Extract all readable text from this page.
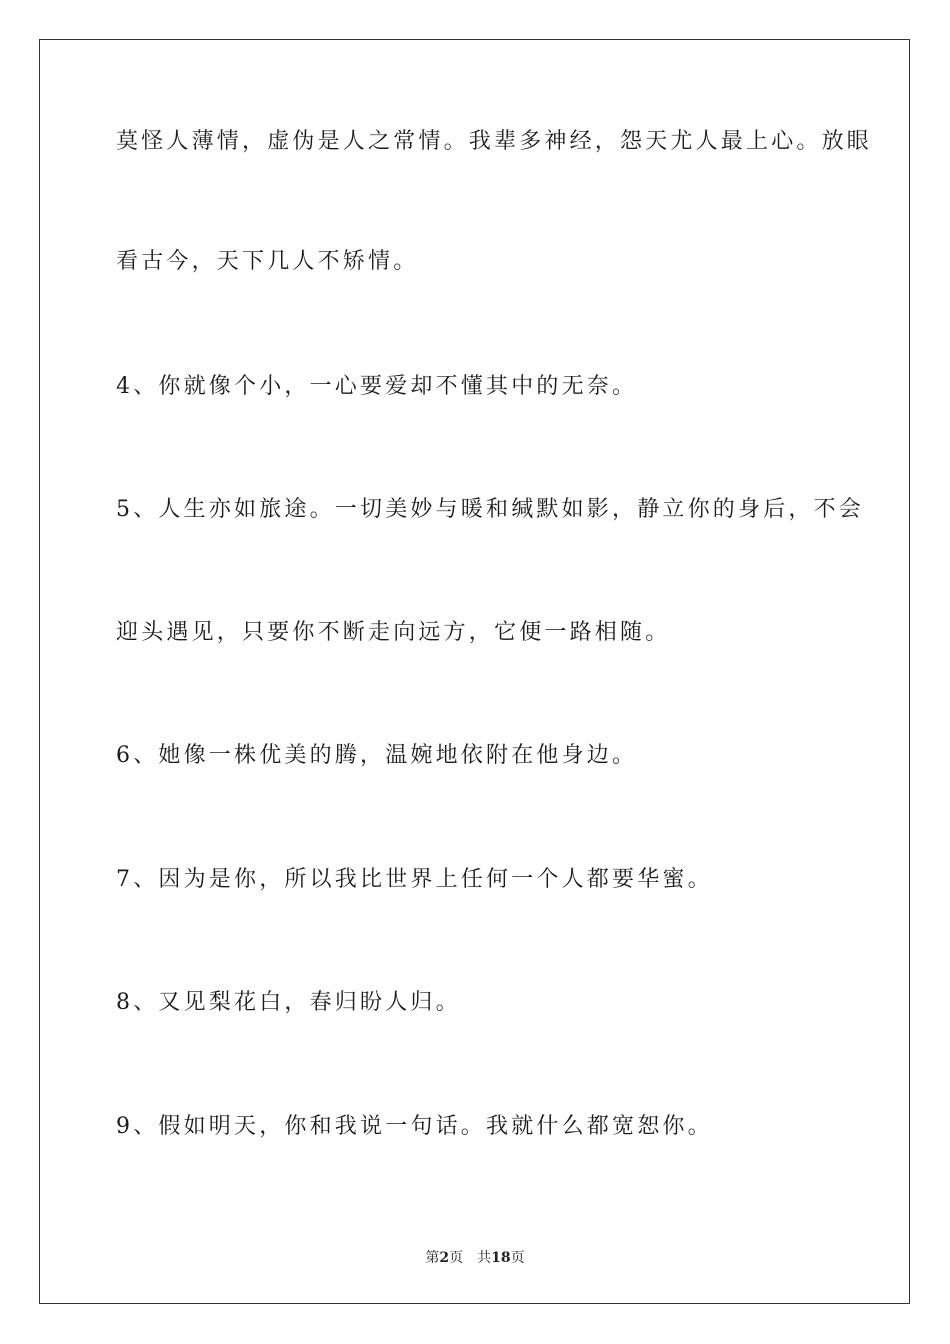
莫怪人薄情，虚伪是人之常情。我辈多神经，怨天尤人最上心。放眼

看古今，天下几人不矫情。

4、你就像个小，一心要爱却不懂其中的无奈。

5、人生亦如旅途。一切美妙与暖和缄默如影，静立你的身后，不会

迎头遇见，只要你不断走向远方，它便一路相随。

6、她像一株优美的腾，温婉地依附在他身边。

7、因为是你，所以我比世界上任何一个人都要华蜜。

8、又见梨花白，春归盼人归。

9、假如明天，你和我说一句话。我就什么都宽恕你。

第2页 共18页
